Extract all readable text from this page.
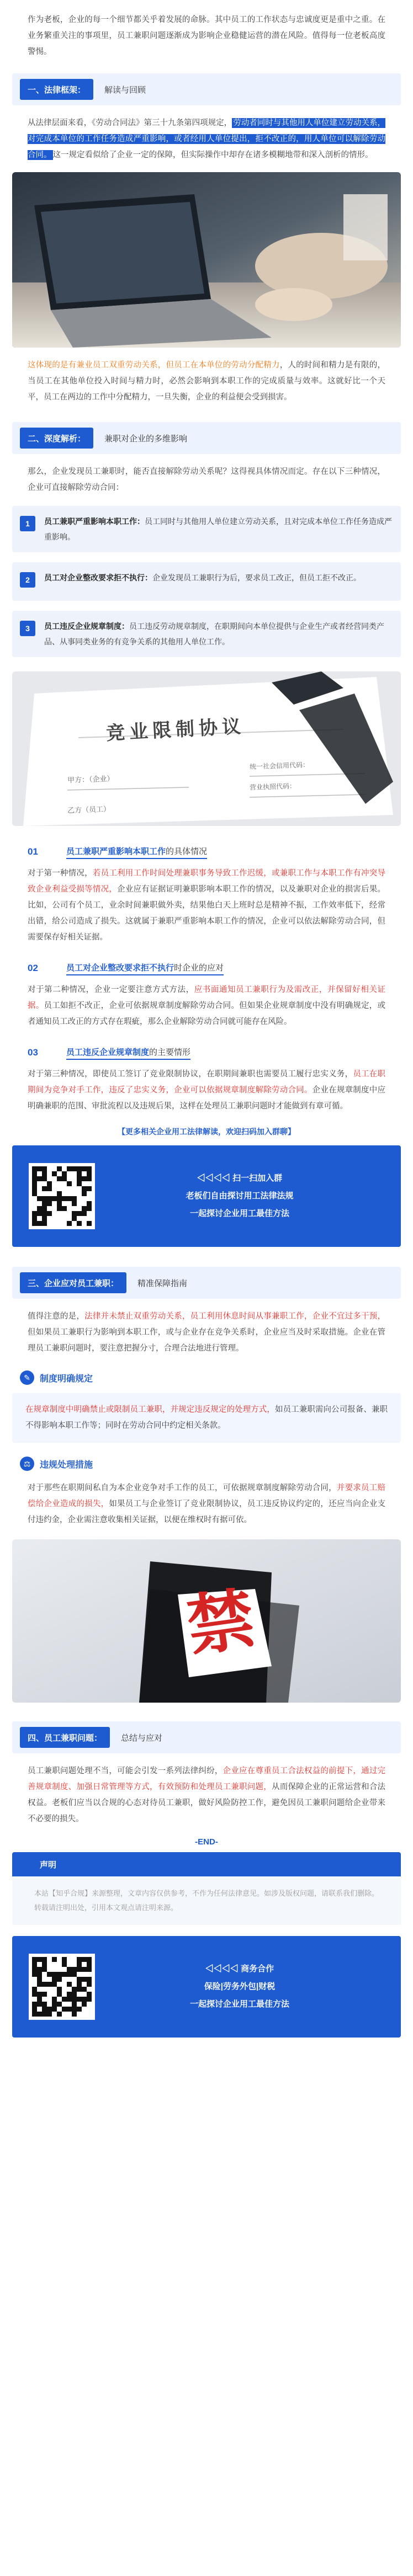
作为老板，企业的每一个细节都关乎着发展的命脉。其中员工的工作状态与忠诚度更是重中之重。在业务繁重关注的事项里，员工兼职问题逐渐成为影响企业稳健运营的潜在风险。值得每一位老板高度警惕。

一、法律框架：	解读与回顾

从法律层面来看，《劳动合同法》第三十九条第四项规定， 劳动者同时与其他用人单位建立劳动关系，对完成本单位的工作任务造成严重影响，或者经用人单位提出，拒不改正的，用人单位可以解除劳动合同。 这一规定看似给了企业一定的保障，但实际操作中却存在诸多模糊地带和深入剖析的情形。

这体现的是有兼业员工双重劳动关系，但员工在本单位的劳动分配精力，人的时间和精力是有限的，当员工在其他单位投入时间与精力时，必然会影响到本职工作的完成质量与效率。这就好比一个天平，员工在两边的工作中分配精力，一旦失衡，企业的利益便会受到损害。

二、深度解析：	兼职对企业的多维影响

那么，企业发现员工兼职时，能否直接解除劳动关系呢？这得视具体情况而定。存在以下三种情况，企业可直接解除劳动合同：

1	员工兼职严重影响本职工作：员工同时与其他用人单位建立劳动关系，且对完成本单位工作任务造成严重影响。
2	员工对企业整改要求拒不执行：企业发现员工兼职行为后，要求员工改正，但员工拒不改正。
3	员工违反企业规章制度：员工违反劳动规章制度，在职期间向本单位提供与企业生产或者经营同类产品、从事同类业务的有竞争关系的其他用人单位工作。
竞业限制协议
甲方：（企业）
统一社会信用代码：
营业执照代码：
乙方（员工）
01	员工兼职严重影响本职工作的具体情况

对于第一种情况，若员工利用工作时间处理兼职事务导致工作迟缓，或兼职工作与本职工作有冲突导致企业利益受损等情况，企业应有证据证明兼职影响本职工作的情况，以及兼职对企业的损害后果。比如，公司有个员工，业余时间兼职做外卖，结果他白天上班时总是精神不振，工作效率低下，经常出错，给公司造成了损失。这就属于兼职严重影响本职工作的情况，企业可以依法解除劳动合同，但需要保存好相关证据。

02	员工对企业整改要求拒不执行时企业的应对

对于第二种情况，企业一定要注意方式方法，应书面通知员工兼职行为及需改正，并保留好相关证据。员工如拒不改正，企业可依据规章制度解除劳动合同。但如果企业规章制度中没有明确规定，或者通知员工改正的方式存在瑕疵，那么企业解除劳动合同就可能存在风险。

03	员工违反企业规章制度的主要情形

对于第三种情况，即使员工签订了竞业限制协议，在职期间兼职也需要员工履行忠实义务，员工在职期间为竞争对手工作，违反了忠实义务，企业可以依据规章制度解除劳动合同。企业在规章制度中应明确兼职的范围、审批流程以及违规后果，这样在处理员工兼职问题时才能做到有章可循。

【更多相关企业用工法律解读，欢迎扫码加入群聊】

◁◁◁◁ 扫一扫加入群
老板们自由探讨用工法律法规
一起探讨企业用工最佳方法
三、企业应对员工兼职：	精准保障指南

值得注意的是，法律并未禁止双重劳动关系，员工利用休息时间从事兼职工作，企业不宜过多干预，但如果员工兼职行为影响到本职工作，或与企业存在竞争关系时，企业应当及时采取措施。企业在管理员工兼职问题时，要注意把握分寸，合理合法地进行管理。

✎	制度明确规定

在规章制度中明确禁止或限制员工兼职，并规定违反规定的处理方式，如员工兼职需向公司报备、兼职不得影响本职工作等；同时在劳动合同中约定相关条款。

⚖	违规处理措施

对于那些在职期间私自为本企业竞争对手工作的员工，可依据规章制度解除劳动合同，并要求员工赔偿给企业造成的损失，如果员工与企业签订了竞业限制协议，员工违反协议约定的，还应当向企业支付违约金，企业需注意收集相关证据，以便在维权时有据可依。

禁
四、员工兼职问题：	总结与应对

员工兼职问题处理不当，可能会引发一系列法律纠纷，企业应在尊重员工合法权益的前提下，通过完善规章制度、加强日常管理等方式，有效预防和处理员工兼职问题，从而保障企业的正常运营和合法权益。老板们应当以合规的心态对待员工兼职，做好风险防控工作，避免因员工兼职问题给企业带来不必要的损失。

-END-
声明
本站【知乎合规】来源整理，文章内容仅供参考，不作为任何法律意见。如涉及版权问题，请联系我们删除。转载请注明出处，引用本文观点请注明来源。
◁◁◁◁ 商务合作
保险|劳务外包|财税
一起探讨企业用工最佳方法
